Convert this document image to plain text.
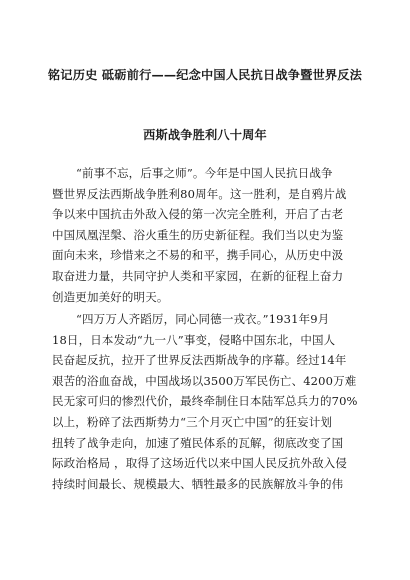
铭记历史 砥砺前行——纪念中国人民抗日战争暨世界反法
西斯战争胜利八十周年
“前事不忘，后事之师”。今年是中国人民抗日战争
暨世界反法西斯战争胜利80周年。这一胜利，是自鸦片战
争以来中国抗击外敌入侵的第一次完全胜利，开启了古老
中国凤凰涅槃、浴火重生的历史新征程。我们当以史为鉴
面向未来，珍惜来之不易的和平，携手同心，从历史中汲
取奋进力量，共同守护人类和平家园，在新的征程上奋力
创造更加美好的明天。
“四万万人齐蹈厉，同心同德一戎衣。”1931年9月
18日，日本发动“九一八”事变，侵略中国东北，中国人
民奋起反抗，拉开了世界反法西斯战争的序幕。经过14年
艰苦的浴血奋战，中国战场以3500万军民伤亡、4200万难
民无家可归的惨烈代价，最终牵制住日本陆军总兵力的70%
以上，粉碎了法西斯势力“三个月灭亡中国”的狂妄计划
扭转了战争走向，加速了殖民体系的瓦解，彻底改变了国
际政治格局 ，取得了这场近代以来中国人民反抗外敌入侵
持续时间最长、规模最大、牺牲最多的民族解放斗争的伟
